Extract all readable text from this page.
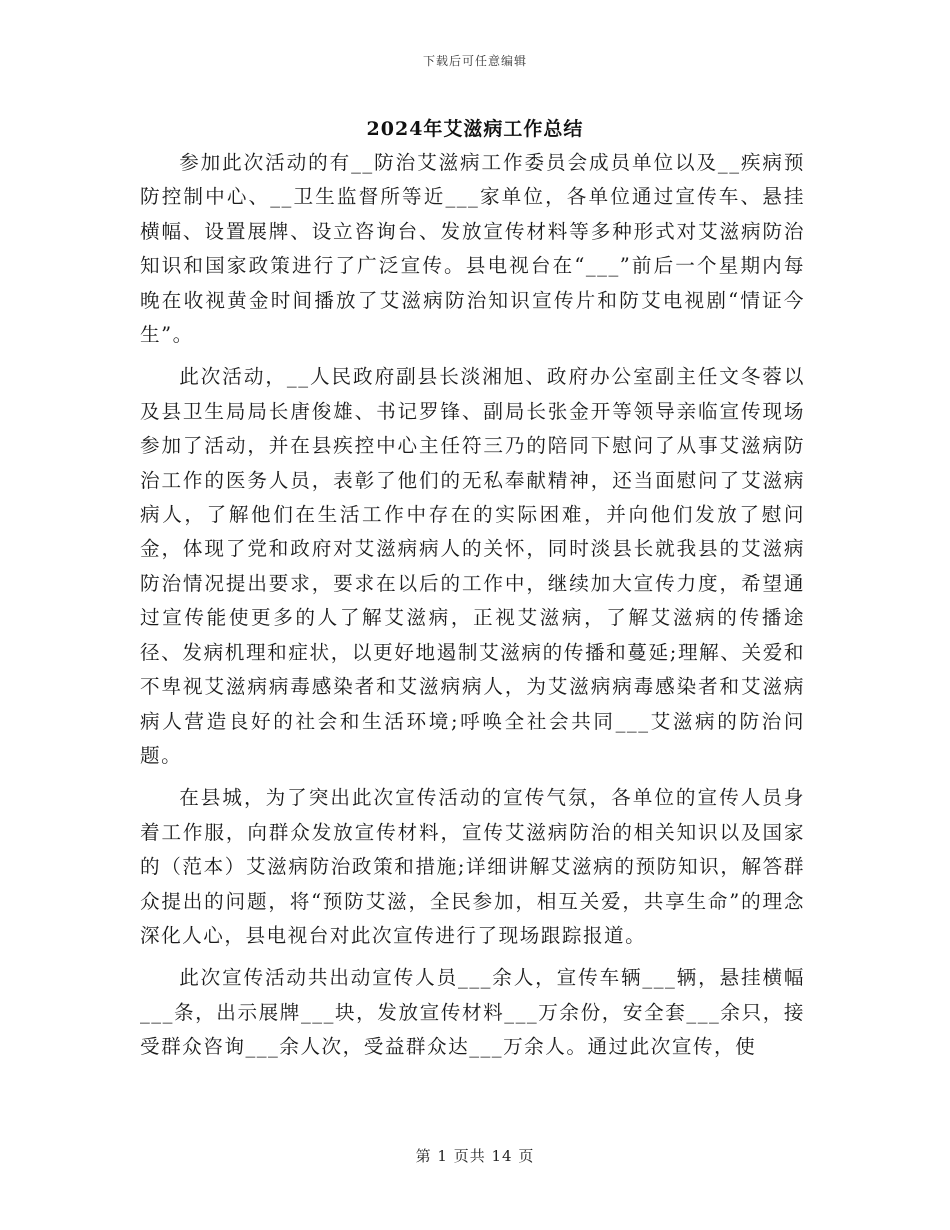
下载后可任意编辑
2024年艾滋病工作总结

参加此次活动的有__防治艾滋病工作委员会成员单位以及__疾病预防控制中心、__卫生监督所等近___家单位，各单位通过宣传车、悬挂横幅、设置展牌、设立咨询台、发放宣传材料等多种形式对艾滋病防治知识和国家政策进行了广泛宣传。县电视台在“___”前后一个星期内每晚在收视黄金时间播放了艾滋病防治知识宣传片和防艾电视剧“情证今生”。

此次活动，__人民政府副县长淡湘旭、政府办公室副主任文冬蓉以及县卫生局局长唐俊雄、书记罗锋、副局长张金开等领导亲临宣传现场参加了活动，并在县疾控中心主任符三乃的陪同下慰问了从事艾滋病防治工作的医务人员，表彰了他们的无私奉献精神，还当面慰问了艾滋病病人，了解他们在生活工作中存在的实际困难，并向他们发放了慰问金，体现了党和政府对艾滋病病人的关怀，同时淡县长就我县的艾滋病防治情况提出要求，要求在以后的工作中，继续加大宣传力度，希望通过宣传能使更多的人了解艾滋病，正视艾滋病，了解艾滋病的传播途径、发病机理和症状，以更好地遏制艾滋病的传播和蔓延;理解、关爱和不卑视艾滋病病毒感染者和艾滋病病人，为艾滋病病毒感染者和艾滋病病人营造良好的社会和生活环境;呼唤全社会共同___艾滋病的防治问题。

在县城，为了突出此次宣传活动的宣传气氛，各单位的宣传人员身着工作服，向群众发放宣传材料，宣传艾滋病防治的相关知识以及国家的（范本）艾滋病防治政策和措施;详细讲解艾滋病的预防知识，解答群众提出的问题，将“预防艾滋，全民参加，相互关爱，共享生命”的理念深化人心，县电视台对此次宣传进行了现场跟踪报道。

此次宣传活动共出动宣传人员___余人，宣传车辆___辆，悬挂横幅___条，出示展牌___块，发放宣传材料___万余份，安全套___余只，接受群众咨询___余人次，受益群众达___万余人。通过此次宣传，使

第 1 页共 14 页
